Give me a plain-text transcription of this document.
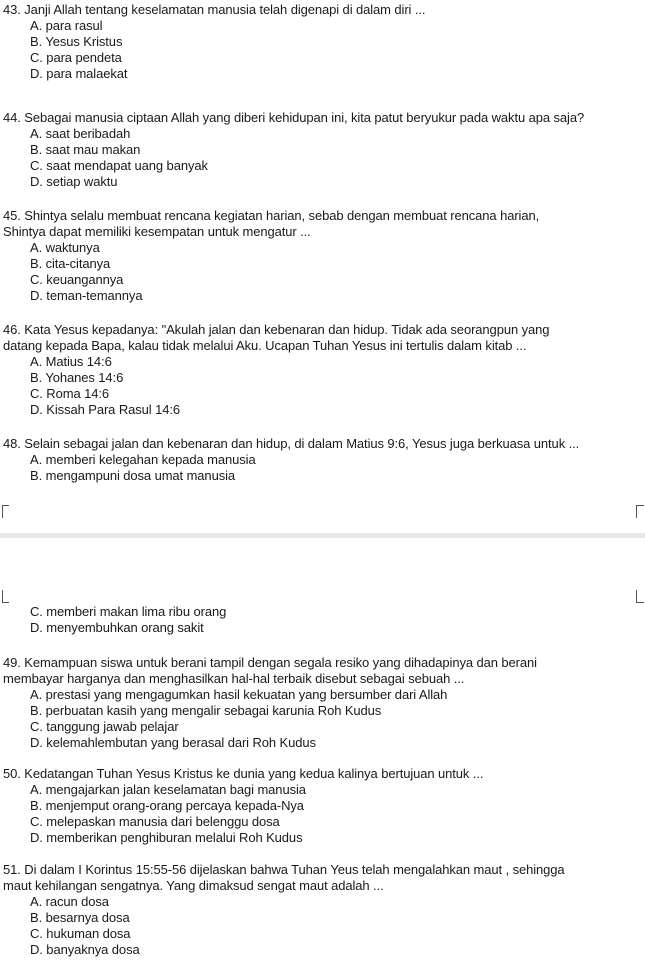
43. Janji Allah tentang keselamatan manusia telah digenapi di dalam diri ...

A. para rasul
B. Yesus Kristus
C. para pendeta
D. para malaekat

44. Sebagai manusia ciptaan Allah yang diberi kehidupan ini, kita patut beryukur pada waktu apa saja?

A. saat beribadah
B. saat mau makan
C. saat mendapat uang banyak
D. setiap waktu

45. Shintya selalu membuat rencana kegiatan harian, sebab dengan membuat rencana harian,
Shintya dapat memiliki kesempatan untuk mengatur ...

A. waktunya
B. cita-citanya
C. keuangannya
D. teman-temannya

46. Kata Yesus kepadanya: "Akulah jalan dan kebenaran dan hidup. Tidak ada seorangpun yang
datang kepada Bapa, kalau tidak melalui Aku. Ucapan Tuhan Yesus ini tertulis dalam kitab ...

A. Matius 14:6
B. Yohanes 14:6
C. Roma 14:6
D. Kissah Para Rasul 14:6

48. Selain sebagai jalan dan kebenaran dan hidup, di dalam Matius 9:6, Yesus juga berkuasa untuk ...

A. memberi kelegahan kepada manusia
B. mengampuni dosa umat manusia
C. memberi makan lima ribu orang
D. menyembuhkan orang sakit

49. Kemampuan siswa untuk berani tampil dengan segala resiko yang dihadapinya dan berani
membayar harganya dan menghasilkan hal-hal terbaik disebut sebagai sebuah ...

A. prestasi yang mengagumkan hasil kekuatan yang bersumber dari Allah
B. perbuatan kasih yang mengalir sebagai karunia Roh Kudus
C. tanggung jawab pelajar
D. kelemahlembutan yang berasal dari Roh Kudus

50. Kedatangan Tuhan Yesus Kristus ke dunia yang kedua kalinya bertujuan untuk ...

A. mengajarkan jalan keselamatan bagi manusia
B. menjemput orang-orang percaya kepada-Nya
C. melepaskan manusia dari belenggu dosa
D. memberikan penghiburan melalui Roh Kudus

51. Di dalam I Korintus 15:55-56 dijelaskan bahwa Tuhan Yeus telah mengalahkan maut , sehingga
maut kehilangan sengatnya. Yang dimaksud sengat maut adalah ...

A. racun dosa
B. besarnya dosa
C. hukuman dosa
D. banyaknya dosa
